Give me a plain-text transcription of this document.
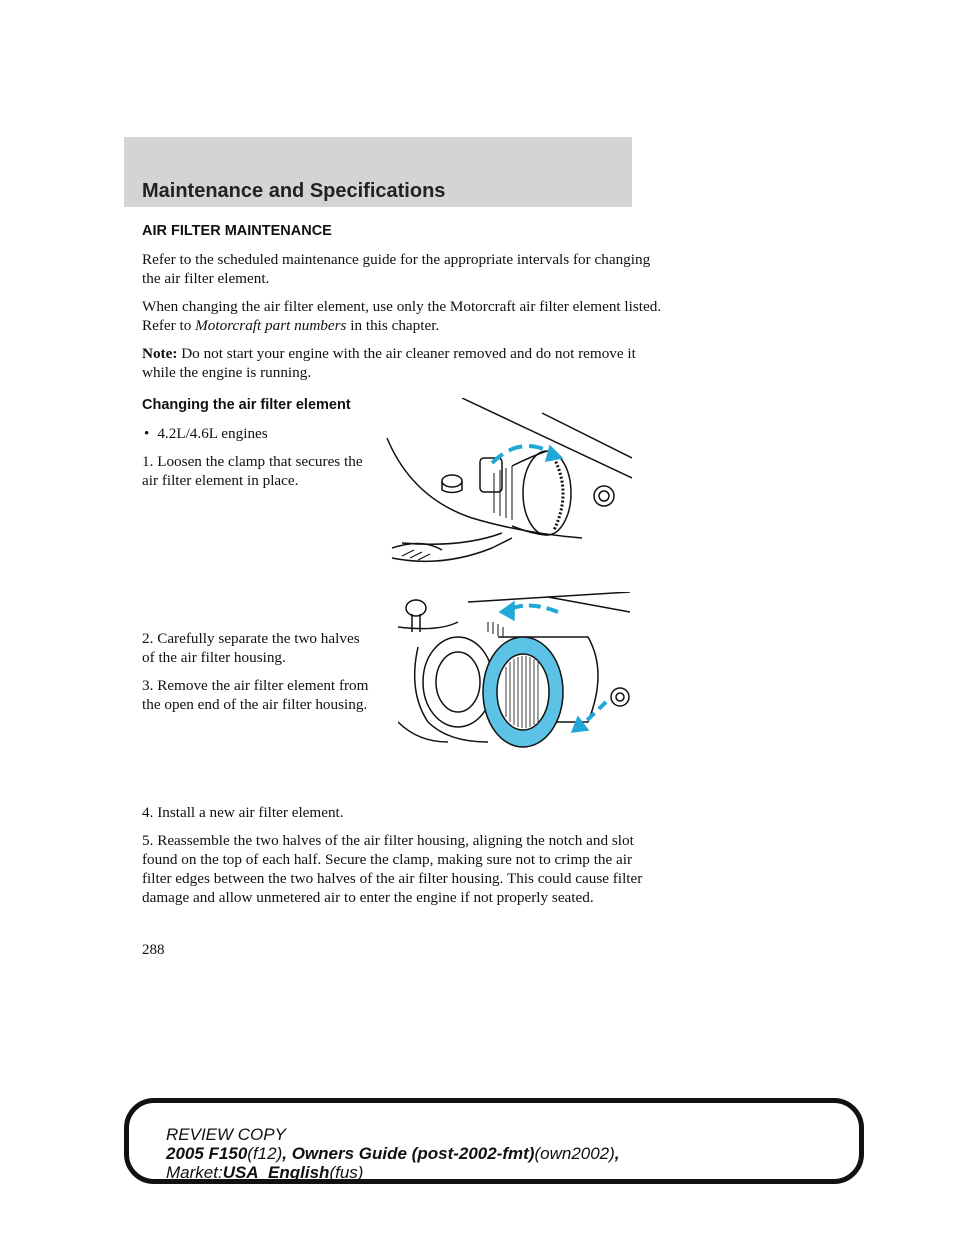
Maintenance and Specifications
AIR FILTER MAINTENANCE

Refer to the scheduled maintenance guide for the appropriate intervals for changing the air filter element.

When changing the air filter element, use only the Motorcraft air filter element listed. Refer to Motorcraft part numbers in this chapter.

Note: Do not start your engine with the air cleaner removed and do not remove it while the engine is running.

Changing the air filter element
• 4.2L/4.6L engines

1. Loosen the clamp that secures the air filter element in place.

2. Carefully separate the two halves of the air filter housing.

3. Remove the air filter element from the open end of the air filter housing.

4. Install a new air filter element.

5. Reassemble the two halves of the air filter housing, aligning the notch and slot found on the top of each half. Secure the clamp, making sure not to crimp the air filter edges between the two halves of the air filter housing. This could cause filter damage and allow unmetered air to enter the engine if not properly seated.

288
REVIEW COPY
2005 F150(f12), Owners Guide (post-2002-fmt)(own2002),
Market:USA_English(fus)
